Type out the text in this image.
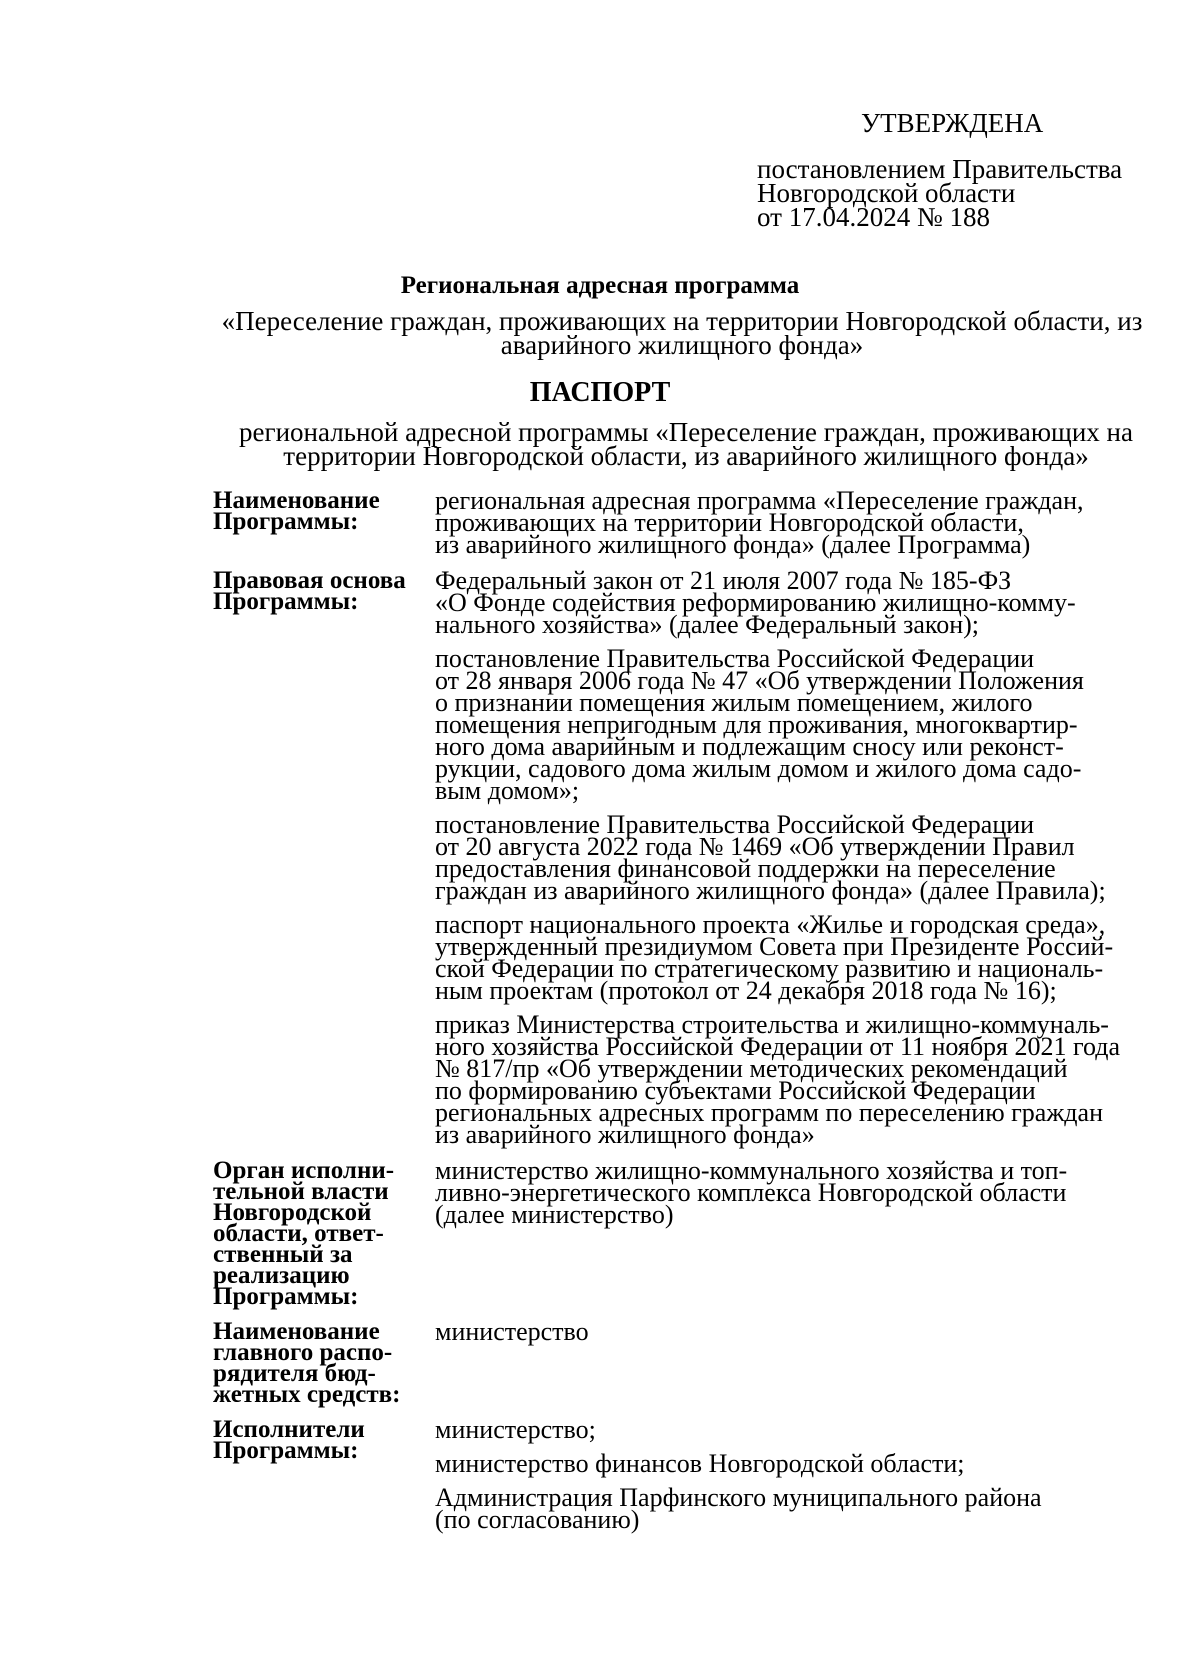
УТВЕРЖДЕНА
постановлением Правительства
Новгородской области
от 17.04.2024 № 188
Региональная адресная программа
«Переселение граждан, проживающих на территории Новгородской области, из аварийного жилищного фонда»
ПАСПОРТ
региональной адресной программы «Переселение граждан, проживающих на территории Новгородской области, из аварийного жилищного фонда»
Наименование
Программы:
региональная адресная программа «Переселение граждан,
проживающих на территории Новгородской области,
из аварийного жилищного фонда» (далее Программа)
Правовая основа
Программы:
Федеральный закон от 21 июля 2007 года № 185-ФЗ
«О Фонде содействия реформированию жилищно-комму-
нального хозяйства» (далее Федеральный закон);
постановление Правительства Российской Федерации
от 28 января 2006 года № 47 «Об утверждении Положения
о признании помещения жилым помещением, жилого
помещения непригодным для проживания, многоквартир-
ного дома аварийным и подлежащим сносу или реконст-
рукции, садового дома жилым домом и жилого дома садо-
вым домом»;
постановление Правительства Российской Федерации
от 20 августа 2022 года № 1469 «Об утверждении Правил
предоставления финансовой поддержки на переселение
граждан из аварийного жилищного фонда» (далее Правила);
паспорт национального проекта «Жилье и городская среда»,
утвержденный президиумом Совета при Президенте Россий-
ской Федерации по стратегическому развитию и националь-
ным проектам (протокол от 24 декабря 2018 года № 16);
приказ Министерства строительства и жилищно-коммуналь-
ного хозяйства Российской Федерации от 11 ноября 2021 года
№ 817/пр «Об утверждении методических рекомендаций
по формированию субъектами Российской Федерации
региональных адресных программ по переселению граждан
из аварийного жилищного фонда»
Орган исполни-
тельной власти
Новгородской
области, ответ-
ственный за
реализацию
Программы:
министерство жилищно-коммунального хозяйства и топ-
ливно-энергетического комплекса Новгородской области
(далее министерство)
Наименование
главного распо-
рядителя бюд-
жетных средств:
министерство
Исполнители
Программы:
министерство;
министерство финансов Новгородской области;
Администрация Парфинского муниципального района
(по согласованию)
